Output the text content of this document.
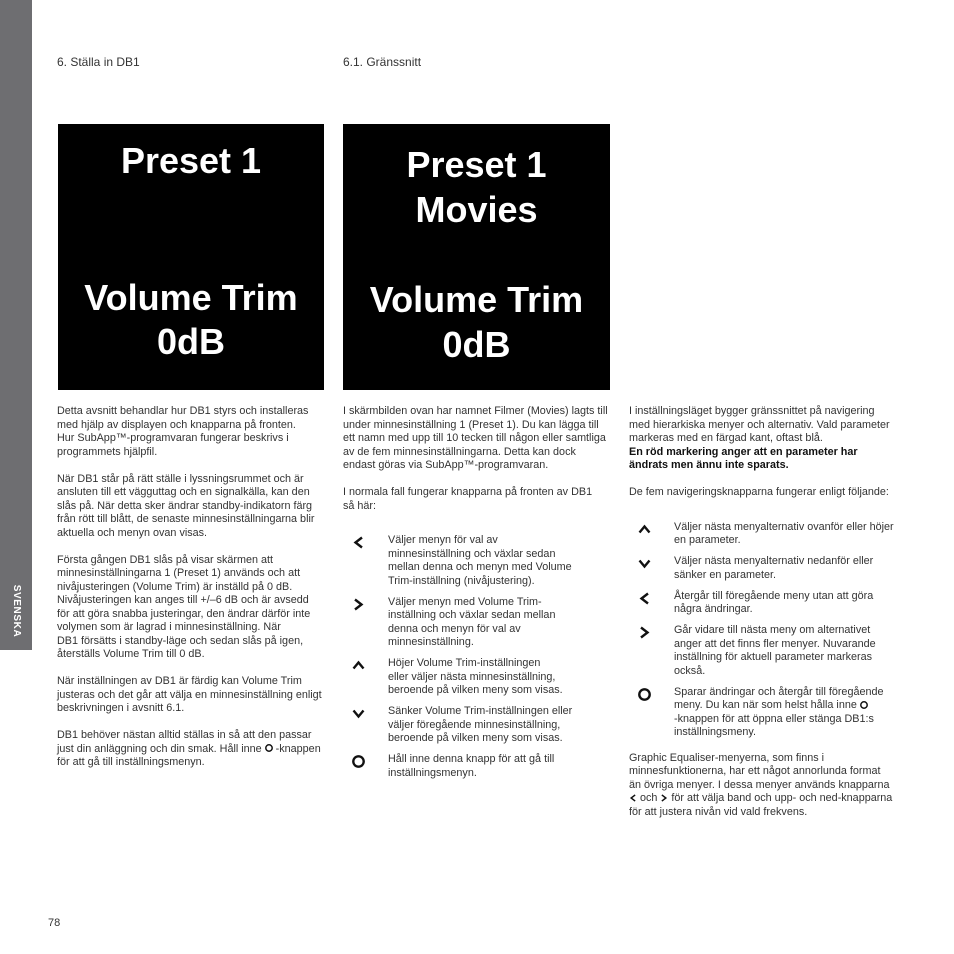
SVENSKA
6. Ställa in DB1	6.1. Gränssnitt
Preset 1
Volume Trim
0dB
Preset 1
Movies
Volume Trim
0dB
Detta avsnitt behandlar hur DB1 styrs och installeras
med hjälp av displayen och knapparna på fronten.
Hur SubApp™-programvaran fungerar beskrivs i
programmets hjälpfil.
När DB1 står på rätt ställe i lyssningsrummet och är
ansluten till ett vägguttag och en signalkälla, kan den
slås på. När detta sker ändrar standby-indikatorn färg
från rött till blått, de senaste minnesinställningarna blir
aktuella och menyn ovan visas.
Första gången DB1 slås på visar skärmen att
minnesinställningarna 1 (Preset 1) används och att
nivåjusteringen (Volume Trim) är inställd på 0 dB.
Nivåjusteringen kan anges till +/–6 dB och är avsedd
för att göra snabba justeringar, den ändrar därför inte
volymen som är lagrad i minnesinställning. När
DB1 försätts i standby-läge och sedan slås på igen,
återställs Volume Trim till 0 dB.
När inställningen av DB1 är färdig kan Volume Trim
justeras och det går att välja en minnesinställning enligt
beskrivningen i avsnitt 6.1.
DB1 behöver nästan alltid ställas in så att den passar
just din anläggning och din smak. Håll inne -knappen
för att gå till inställningsmenyn.
I skärmbilden ovan har namnet Filmer (Movies) lagts till
under minnesinställning 1 (Preset 1). Du kan lägga till
ett namn med upp till 10 tecken till någon eller samtliga
av de fem minnesinställningarna. Detta kan dock
endast göras via SubApp™-programvaran.
I normala fall fungerar knapparna på fronten av DB1
så här:
Väljer menyn för val av
minnesinställning och växlar sedan
mellan denna och menyn med Volume
Trim-inställning (nivåjustering).
Väljer menyn med Volume Trim-
inställning och växlar sedan mellan
denna och menyn för val av
minnesinställning.
Höjer Volume Trim-inställningen
eller väljer nästa minnesinställning,
beroende på vilken meny som visas.
Sänker Volume Trim-inställningen eller
väljer föregående minnesinställning,
beroende på vilken meny som visas.
Håll inne denna knapp för att gå till
inställningsmenyn.
I inställningsläget bygger gränssnittet på navigering
med hierarkiska menyer och alternativ. Vald parameter
markeras med en färgad kant, oftast blå.
En röd markering anger att en parameter har
ändrats men ännu inte sparats.
De fem navigeringsknapparna fungerar enligt följande:
Väljer nästa menyalternativ ovanför eller höjer
en parameter.
Väljer nästa menyalternativ nedanför eller
sänker en parameter.
Återgår till föregående meny utan att göra
några ändringar.
Går vidare till nästa meny om alternativet
anger att det finns fler menyer. Nuvarande
inställning för aktuell parameter markeras
också.
Sparar ändringar och återgår till föregående
meny. Du kan när som helst hålla inne
-knappen för att öppna eller stänga DB1:s
inställningsmeny.
Graphic Equaliser-menyerna, som finns i
minnesfunktionerna, har ett något annorlunda format
än övriga menyer. I dessa menyer används knapparna
och för att välja band och upp- och ned-knapparna
för att justera nivån vid vald frekvens.
78
